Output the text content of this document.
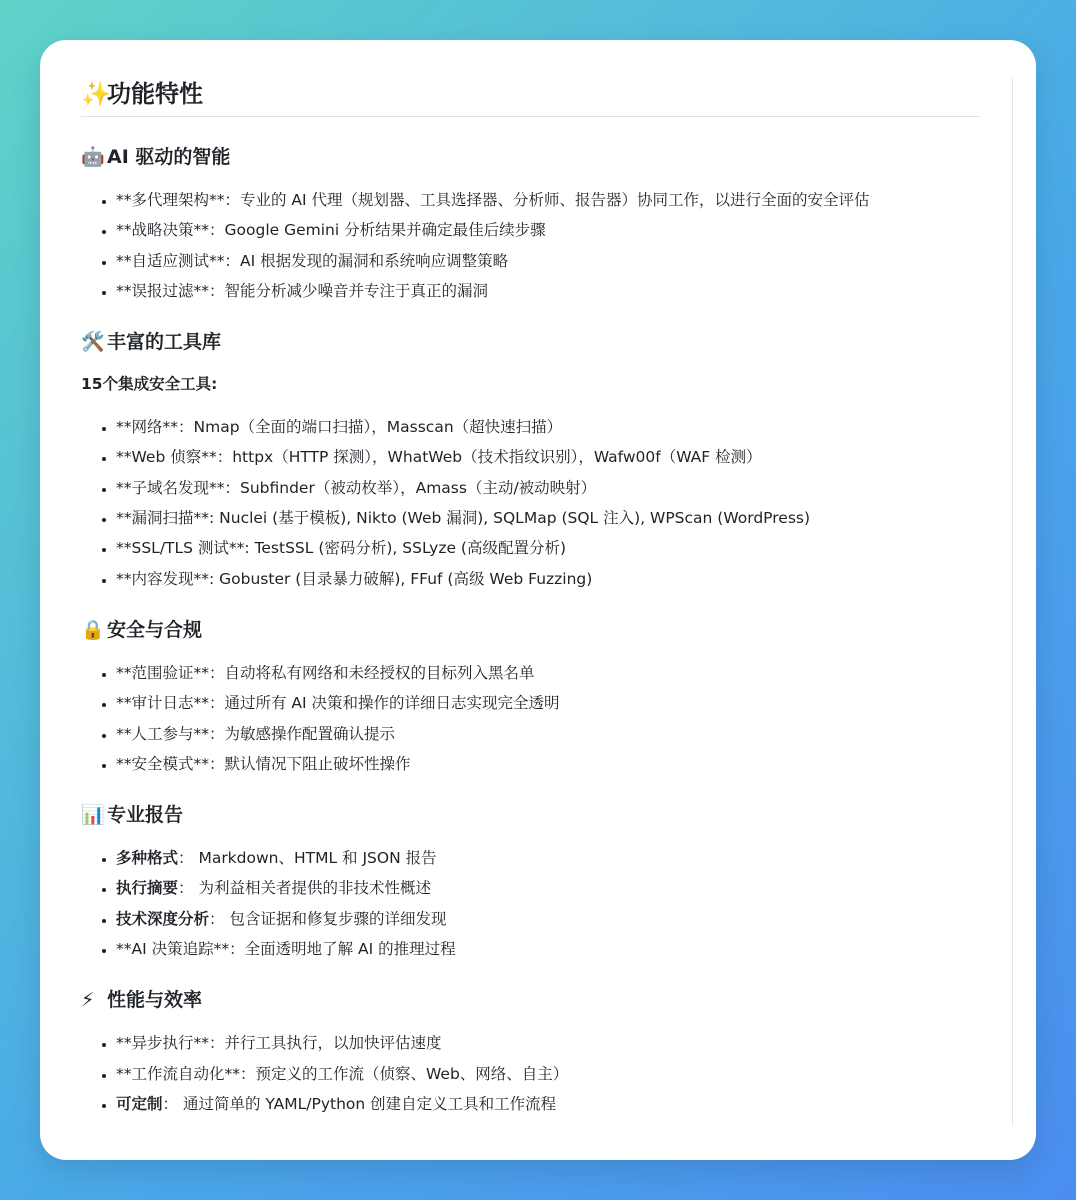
✨功能特性
🤖 AI 驱动的智能
• **多代理架构**：专业的 AI 代理（规划器、工具选择器、分析师、报告器）协同工作，以进行全面的安全评估
• **战略决策**：Google Gemini 分析结果并确定最佳后续步骤
• **自适应测试**：AI 根据发现的漏洞和系统响应调整策略
• **误报过滤**：智能分析减少噪音并专注于真正的漏洞
🛠️ 丰富的工具库

15个集成安全工具:

• **网络**：Nmap（全面的端口扫描），Masscan（超快速扫描）
• **Web 侦察**：httpx（HTTP 探测），WhatWeb（技术指纹识别），Wafw00f（WAF 检测）
• **子域名发现**：Subfinder（被动枚举），Amass（主动/被动映射）
• **漏洞扫描**: Nuclei (基于模板), Nikto (Web 漏洞), SQLMap (SQL 注入), WPScan (WordPress)
• **SSL/TLS 测试**: TestSSL (密码分析), SSLyze (高级配置分析)
• **内容发现**: Gobuster (目录暴力破解), FFuf (高级 Web Fuzzing)
🔒 安全与合规
• **范围验证**：自动将私有网络和未经授权的目标列入黑名单
• **审计日志**：通过所有 AI 决策和操作的详细日志实现完全透明
• **人工参与**：为敏感操作配置确认提示
• **安全模式**：默认情况下阻止破坏性操作
📊 专业报告
• 多种格式： Markdown、HTML 和 JSON 报告
• 执行摘要： 为利益相关者提供的非技术性概述
• 技术深度分析： 包含证据和修复步骤的详细发现
• **AI 决策追踪**：全面透明地了解 AI 的推理过程
⚡ 性能与效率
• **异步执行**：并行工具执行，以加快评估速度
• **工作流自动化**：预定义的工作流（侦察、Web、网络、自主）
• 可定制： 通过简单的 YAML/Python 创建自定义工具和工作流程
